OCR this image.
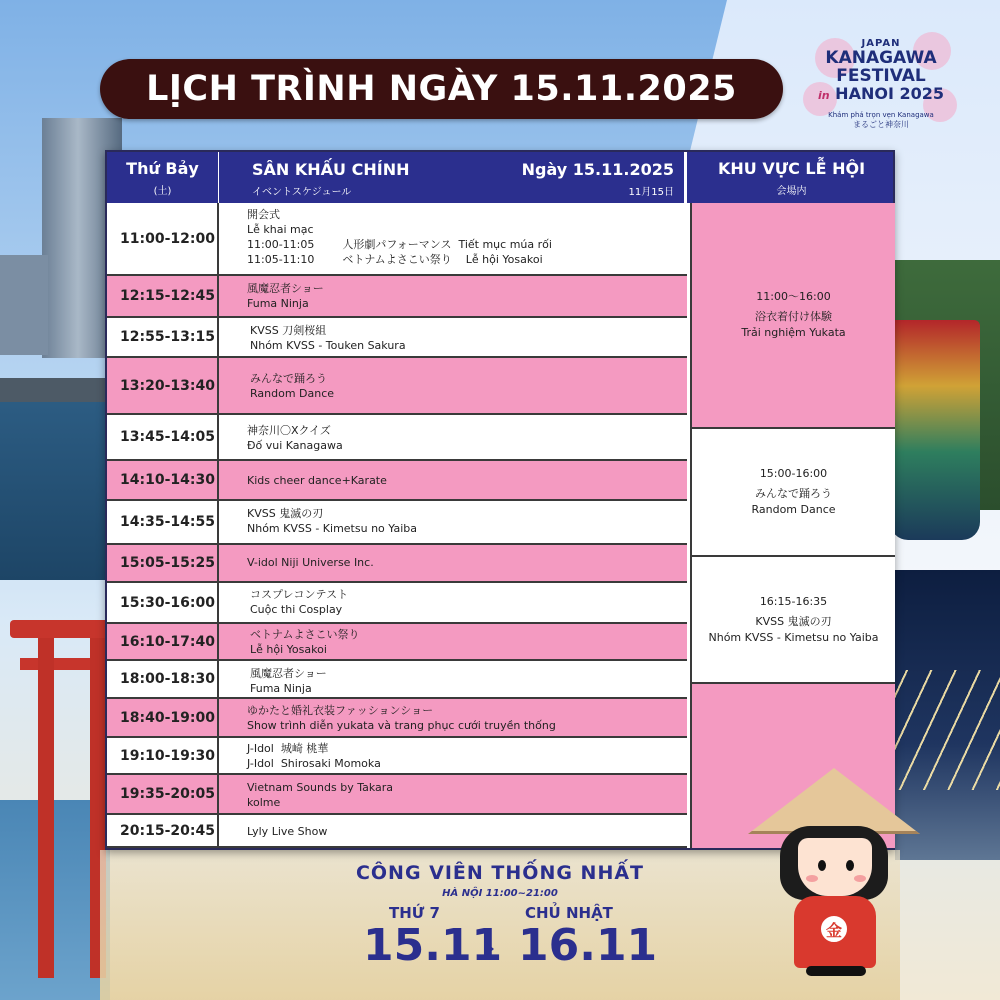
LỊCH TRÌNH NGÀY 15.11.2025
JAPAN
KANAGAWA
FESTIVAL
in HANOI 2025
Khám phá trọn vẹn Kanagawa
まるごと神奈川
Thứ Bảy
(土)
SÂN KHẤU CHÍNH
イベントスケジュール
Ngày 15.11.2025
11月15日
KHU VỰC LỄ HỘI
会場内
11:00-12:00
開会式
Lễ khai mạc
11:00-11:05        人形劇パフォーマンス  Tiết mục múa rối
11:05-11:10        ベトナムよさこい祭り    Lễ hội Yosakoi
12:15-12:45	風魔忍者ショー
Fuma Ninja
12:55-13:15	KVSS 刀剣桜組
Nhóm KVSS - Touken Sakura
13:20-13:40	みんなで踊ろう
Random Dance
13:45-14:05	神奈川〇Xクイズ
Đố vui Kanagawa
14:10-14:30	Kids cheer dance+Karate
14:35-14:55
KVSS 鬼滅の刃
Nhóm KVSS - Kimetsu no Yaiba
15:05-15:25	V-idol Niji Universe Inc.
15:30-16:00	コスプレコンテスト
Cuộc thi Cosplay
16:10-17:40	ベトナムよさこい祭り
Lễ hội Yosakoi
18:00-18:30	風魔忍者ショー
Fuma Ninja
18:40-19:00	ゆかたと婚礼衣装ファッションショー
Show trình diễn yukata và trang phục cưới truyền thống
19:10-19:30	J-Idol  城崎 桃華
J-Idol  Shirosaki Momoka
19:35-20:05	Vietnam Sounds by Takara
kolme
20:15-20:45	Lyly Live Show
11:00〜16:00
浴衣着付け体験
Trải nghiệm Yukata
15:00-16:00
みんなで踊ろう
Random Dance
16:15-16:35
KVSS 鬼滅の刃
Nhóm KVSS - Kimetsu no Yaiba
CÔNG VIÊN THỐNG NHẤT
HÀ NỘI 11:00~21:00
THỨ 7	CHỦ NHẬT
15.11 16.11	金
